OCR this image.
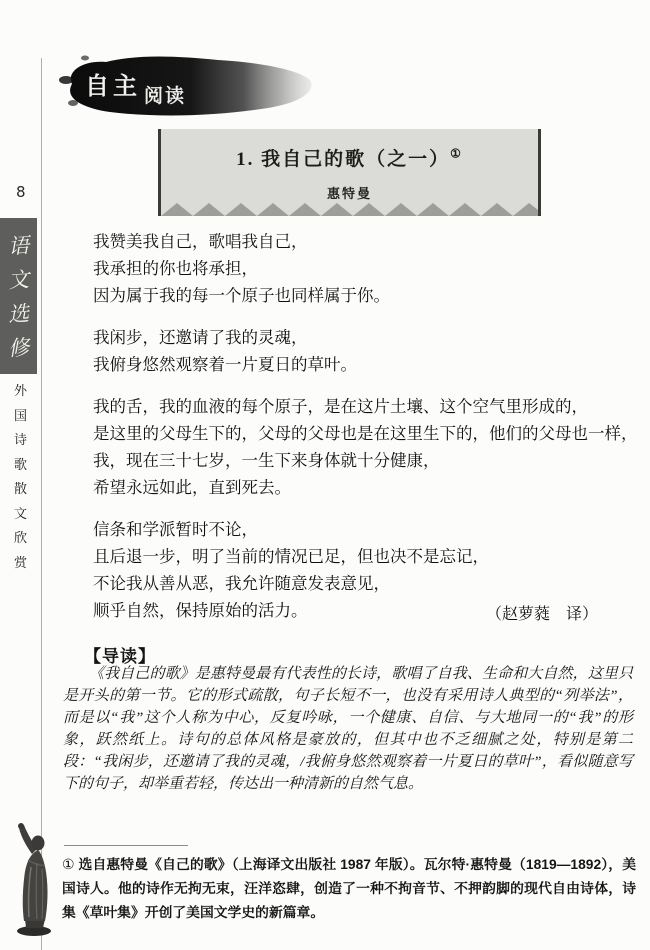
8
语
文
选
修
外
国
诗
歌
散
文
欣
赏
自主 阅读
1. 我自己的歌（之一）①
惠特曼
我赞美我自己，歌唱我自己，
我承担的你也将承担，
因为属于我的每一个原子也同样属于你。
我闲步，还邀请了我的灵魂，
我俯身悠然观察着一片夏日的草叶。
我的舌，我的血液的每个原子，是在这片土壤、这个空气里形成的，
是这里的父母生下的，父母的父母也是在这里生下的，他们的父母也一样，
我，现在三十七岁，一生下来身体就十分健康，
希望永远如此，直到死去。
信条和学派暂时不论，
且后退一步，明了当前的情况已足，但也决不是忘记，
不论我从善从恶，我允许随意发表意见，
顺乎自然，保持原始的活力。	（赵萝蕤　译）
【导读】
《我自己的歌》是惠特曼最有代表性的长诗，歌唱了自我、生命和大自然，这里只是开头的第一节。它的形式疏散，句子长短不一，也没有采用诗人典型的“列举法”，而是以“我”这个人称为中心，反复吟咏，一个健康、自信、与大地同一的“我”的形象，跃然纸上。诗句的总体风格是豪放的，但其中也不乏细腻之处，特别是第二段：“我闲步，还邀请了我的灵魂，/我俯身悠然观察着一片夏日的草叶”，看似随意写下的句子，却举重若轻，传达出一种清新的自然气息。
① 选自惠特曼《自己的歌》（上海译文出版社 1987 年版）。瓦尔特·惠特曼（1819—1892），美国诗人。他的诗作无拘无束，汪洋恣肆，创造了一种不拘音节、不押韵脚的现代自由诗体，诗集《草叶集》开创了美国文学史的新篇章。
